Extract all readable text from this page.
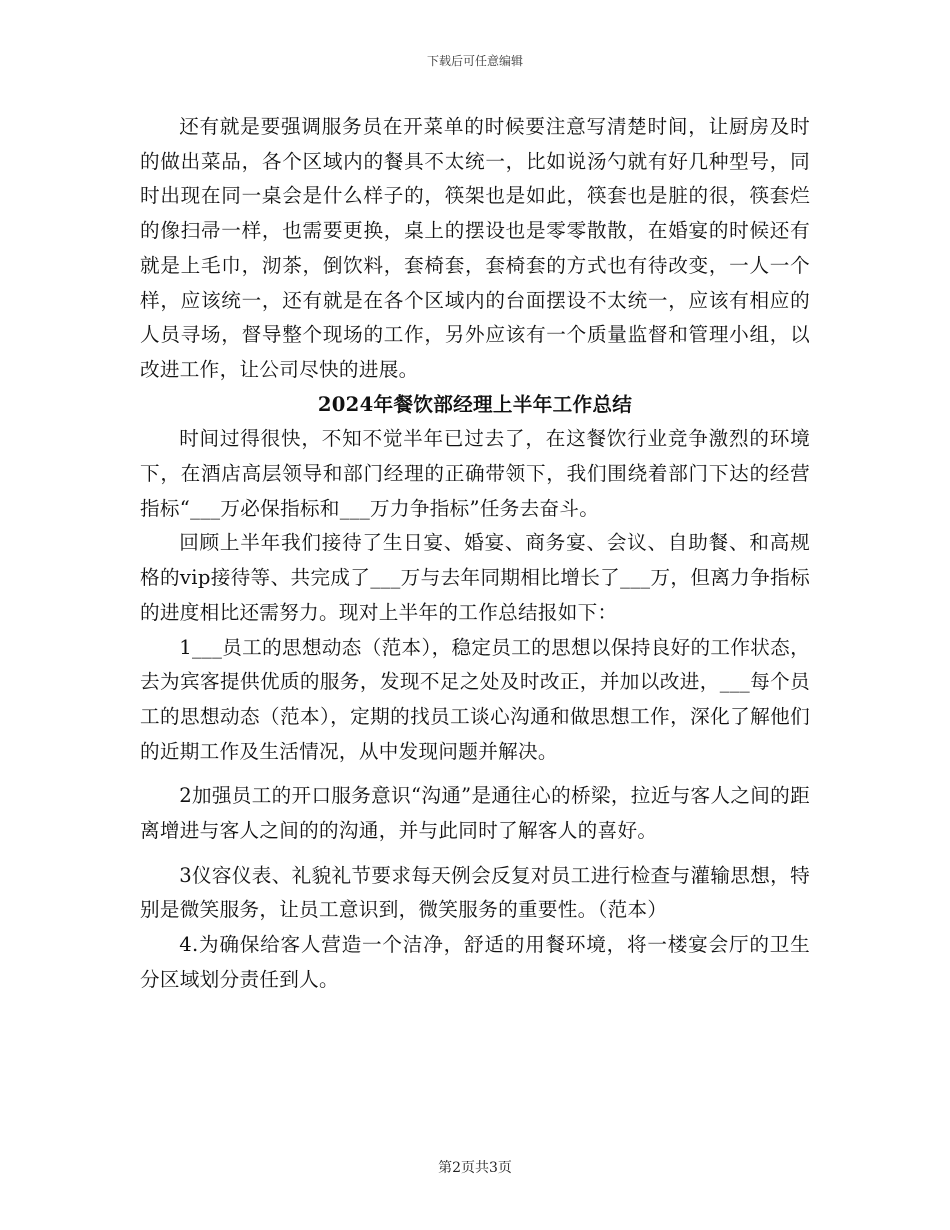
下载后可任意编辑

还有就是要强调服务员在开菜单的时候要注意写清楚时间，让厨房及时的做出菜品，各个区域内的餐具不太统一，比如说汤勺就有好几种型号，同时出现在同一桌会是什么样子的，筷架也是如此，筷套也是脏的很，筷套烂的像扫帚一样，也需要更换，桌上的摆设也是零零散散，在婚宴的时候还有就是上毛巾，沏茶，倒饮料，套椅套，套椅套的方式也有待改变，一人一个样，应该统一，还有就是在各个区域内的台面摆设不太统一，应该有相应的人员寻场，督导整个现场的工作，另外应该有一个质量监督和管理小组，以改进工作，让公司尽快的进展。

2024年餐饮部经理上半年工作总结

时间过得很快，不知不觉半年已过去了，在这餐饮行业竞争激烈的环境下，在酒店高层领导和部门经理的正确带领下，我们围绕着部门下达的经营指标“___万必保指标和___万力争指标”任务去奋斗。

回顾上半年我们接待了生日宴、婚宴、商务宴、会议、自助餐、和高规格的vip接待等、共完成了___万与去年同期相比增长了___万，但离力争指标的进度相比还需努力。现对上半年的工作总结报如下：

1___员工的思想动态（范本），稳定员工的思想以保持良好的工作状态，去为宾客提供优质的服务，发现不足之处及时改正，并加以改进，___每个员工的思想动态（范本），定期的找员工谈心沟通和做思想工作，深化了解他们的近期工作及生活情况，从中发现问题并解决。

2加强员工的开口服务意识“沟通”是通往心的桥梁，拉近与客人之间的距离增进与客人之间的的沟通，并与此同时了解客人的喜好。

3仪容仪表、礼貌礼节要求每天例会反复对员工进行检查与灌输思想，特别是微笑服务，让员工意识到，微笑服务的重要性。（范本）

4.为确保给客人营造一个洁净，舒适的用餐环境，将一楼宴会厅的卫生分区域划分责任到人。

第2页共3页
